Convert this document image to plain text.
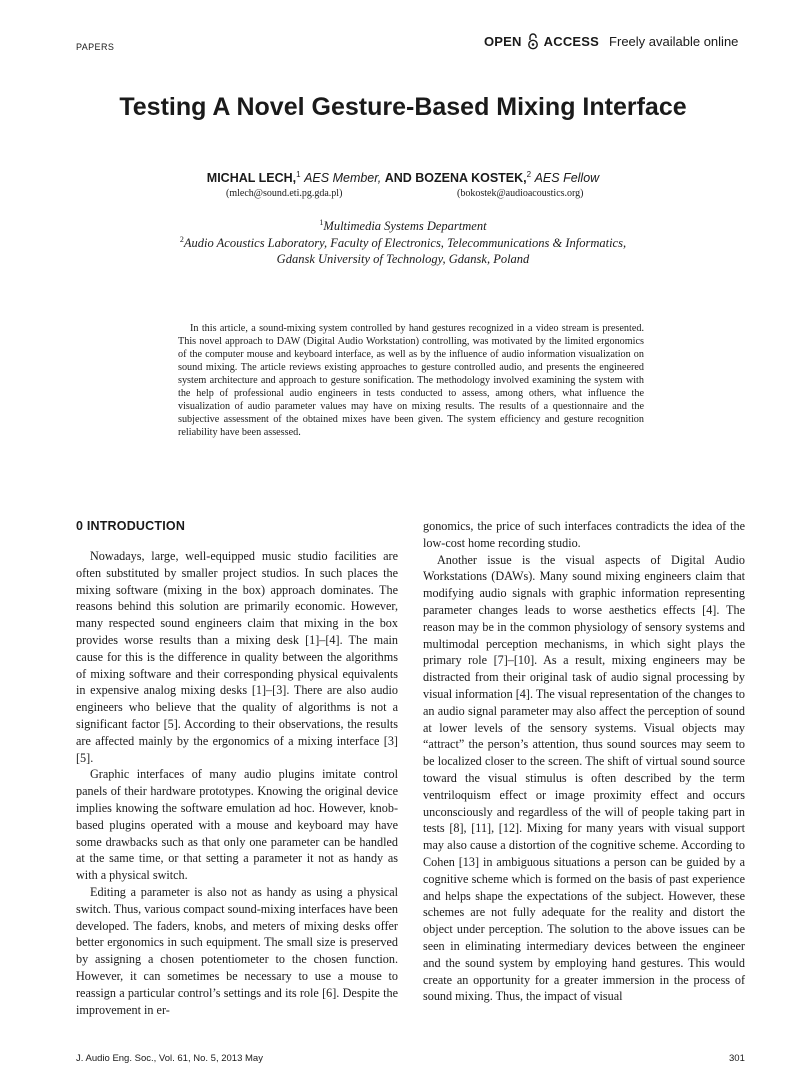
PAPERS	OPEN ACCESS Freely available online
Testing A Novel Gesture-Based Mixing Interface
MICHAL LECH,$^1$ AES Member, AND BOZENA KOSTEK,$^2$ AES Fellow
(mlech@sound.eti.pg.gda.pl)	(bokostek@audioacoustics.org)
$^1$Multimedia Systems Department
$^2$Audio Acoustics Laboratory, Faculty of Electronics, Telecommunications & Informatics,
Gdansk University of Technology, Gdansk, Poland

In this article, a sound-mixing system controlled by hand gestures recognized in a video stream is presented. This novel approach to DAW (Digital Audio Workstation) controlling, was motivated by the limited ergonomics of the computer mouse and keyboard interface, as well as by the influence of audio information visualization on sound mixing. The article reviews existing approaches to gesture controlled audio, and presents the engineered system architecture and approach to gesture sonification. The methodology involved examining the system with the help of professional audio engineers in tests conducted to assess, among others, what influence the visualization of audio parameter values may have on mixing results. The results of a questionnaire and the subjective assessment of the obtained mixes have been given. The system efficiency and gesture recognition reliability have been assessed.

0 INTRODUCTION

Nowadays, large, well-equipped music studio facilities are often substituted by smaller project studios. In such places the mixing software (mixing in the box) approach dominates. The reasons behind this solution are primarily economic. However, many respected sound engineers claim that mixing in the box provides worse results than a mixing desk [1]–[4]. The main cause for this is the difference in quality between the algorithms of mixing software and their corresponding physical equivalents in expensive analog mixing desks [1]–[3]. There are also audio engineers who believe that the quality of algorithms is not a significant factor [5]. According to their observations, the results are affected mainly by the ergonomics of a mixing interface [3] [5].

Graphic interfaces of many audio plugins imitate control panels of their hardware prototypes. Knowing the original device implies knowing the software emulation ad hoc. However, knob-based plugins operated with a mouse and keyboard may have some drawbacks such as that only one parameter can be handled at the same time, or that setting a parameter it not as handy as with a physical switch.

Editing a parameter is also not as handy as using a physical switch. Thus, various compact sound-mixing interfaces have been developed. The faders, knobs, and meters of mixing desks offer better ergonomics in such equipment. The small size is preserved by assigning a chosen potentiometer to the chosen function. However, it can sometimes be necessary to use a mouse to reassign a particular control’s settings and its role [6]. Despite the improvement in er-

gonomics, the price of such interfaces contradicts the idea of the low-cost home recording studio.

Another issue is the visual aspects of Digital Audio Workstations (DAWs). Many sound mixing engineers claim that modifying audio signals with graphic information representing parameter changes leads to worse aesthetics effects [4]. The reason may be in the common physiology of sensory systems and multimodal perception mechanisms, in which sight plays the primary role [7]–[10]. As a result, mixing engineers may be distracted from their original task of audio signal processing by visual information [4]. The visual representation of the changes to an audio signal parameter may also affect the perception of sound at lower levels of the sensory systems. Visual objects may “attract” the person’s attention, thus sound sources may seem to be localized closer to the screen. The shift of virtual sound source toward the visual stimulus is often described by the term ventriloquism effect or image proximity effect and occurs unconsciously and regardless of the will of people taking part in tests [8], [11], [12]. Mixing for many years with visual support may also cause a distortion of the cognitive scheme. According to Cohen [13] in ambiguous situations a person can be guided by a cognitive scheme which is formed on the basis of past experience and helps shape the expectations of the subject. However, these schemes are not fully adequate for the reality and distort the object under perception. The solution to the above issues can be seen in eliminating intermediary devices between the engineer and the sound system by employing hand gestures. This would create an opportunity for a greater immersion in the process of sound mixing. Thus, the impact of visual

J. Audio Eng. Soc., Vol. 61, No. 5, 2013 May	301
